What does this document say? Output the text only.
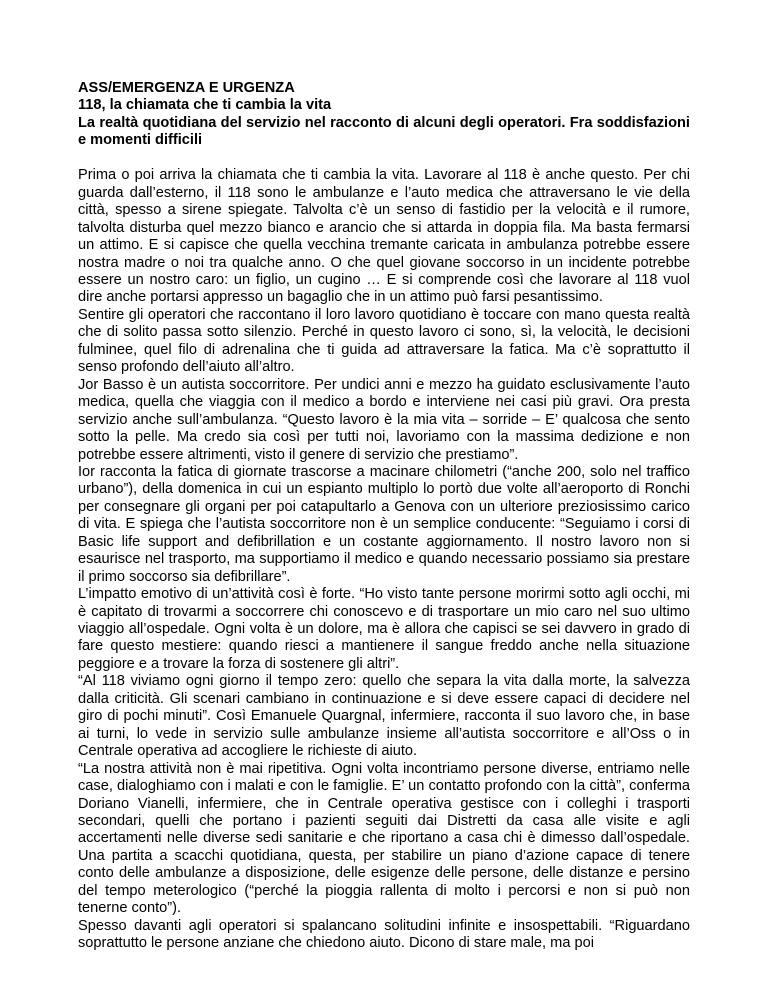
ASS/EMERGENZA E URGENZA

118, la chiamata che ti cambia la vita

La realtà quotidiana del servizio nel racconto di alcuni degli operatori. Fra soddisfazioni e momenti difficili

Prima o poi arriva la chiamata che ti cambia la vita. Lavorare al 118 è anche questo. Per chi guarda dall’esterno, il 118 sono le ambulanze e l’auto medica che attraversano le vie della città, spesso a sirene spiegate. Talvolta c’è un senso di fastidio per la velocità e il rumore, talvolta disturba quel mezzo bianco e arancio che si attarda in doppia fila. Ma basta fermarsi un attimo. E si capisce che quella vecchina tremante caricata in ambulanza potrebbe essere nostra madre o noi tra qualche anno. O che quel giovane soccorso in un incidente potrebbe essere un nostro caro: un figlio, un cugino … E si comprende così che lavorare al 118 vuol dire anche portarsi appresso un bagaglio che in un attimo può farsi pesantissimo.

Sentire gli operatori che raccontano il loro lavoro quotidiano è toccare con mano questa realtà che di solito passa sotto silenzio. Perché in questo lavoro ci sono, sì, la velocità, le decisioni fulminee, quel filo di adrenalina che ti guida ad attraversare la fatica. Ma c’è soprattutto il senso profondo dell’aiuto all’altro.

Jor Basso è un autista soccorritore. Per undici anni e mezzo ha guidato esclusivamente l’auto medica, quella che viaggia con il medico a bordo e interviene nei casi più gravi. Ora presta servizio anche sull’ambulanza. “Questo lavoro è la mia vita – sorride – E’ qualcosa che sento sotto la pelle. Ma credo sia così per tutti noi, lavoriamo con la massima dedizione e non potrebbe essere altrimenti, visto il genere di servizio che prestiamo”.

Ior racconta la fatica di giornate trascorse a macinare chilometri (“anche 200, solo nel traffico urbano”), della domenica in cui un espianto multiplo lo portò due volte all’aeroporto di Ronchi per consegnare gli organi per poi catapultarlo a Genova con un ulteriore preziosissimo carico di vita. E spiega che l’autista soccorritore non è un semplice conducente: “Seguiamo i corsi di Basic life support and defibrillation e un costante aggiornamento. Il nostro lavoro non si esaurisce nel trasporto, ma supportiamo il medico e quando necessario possiamo sia prestare il primo soccorso sia defibrillare”.

L’impatto emotivo di un’attività così è forte. “Ho visto tante persone morirmi sotto agli occhi, mi è capitato di trovarmi a soccorrere chi conoscevo e di trasportare un mio caro nel suo ultimo viaggio all’ospedale. Ogni volta è un dolore, ma è allora che capisci se sei davvero in grado di fare questo mestiere: quando riesci a mantienere il sangue freddo anche nella situazione peggiore e a trovare la forza di sostenere gli altri”.

“Al 118 viviamo ogni giorno il tempo zero: quello che separa la vita dalla morte, la salvezza dalla criticità. Gli scenari cambiano in continuazione e si deve essere capaci di decidere nel giro di pochi minuti”. Così Emanuele Quargnal, infermiere, racconta il suo lavoro che, in base ai turni, lo vede in servizio sulle ambulanze insieme all’autista soccorritore e all’Oss o in Centrale operativa ad accogliere le richieste di aiuto.

“La nostra attività non è mai ripetitiva. Ogni volta incontriamo persone diverse, entriamo nelle case, dialoghiamo con i malati e con le famiglie. E’ un contatto profondo con la città”, conferma Doriano Vianelli, infermiere, che in Centrale operativa gestisce con i colleghi i trasporti secondari, quelli che portano i pazienti seguiti dai Distretti da casa alle visite e agli accertamenti nelle diverse sedi sanitarie e che riportano a casa chi è dimesso dall’ospedale. Una partita a scacchi quotidiana, questa, per stabilire un piano d’azione capace di tenere conto delle ambulanze a disposizione, delle esigenze delle persone, delle distanze e persino del tempo meterologico (“perché la pioggia rallenta di molto i percorsi e non si può non tenerne conto”).

Spesso davanti agli operatori si spalancano solitudini infinite e insospettabili. “Riguardano soprattutto le persone anziane che chiedono aiuto. Dicono di stare male, ma poi
